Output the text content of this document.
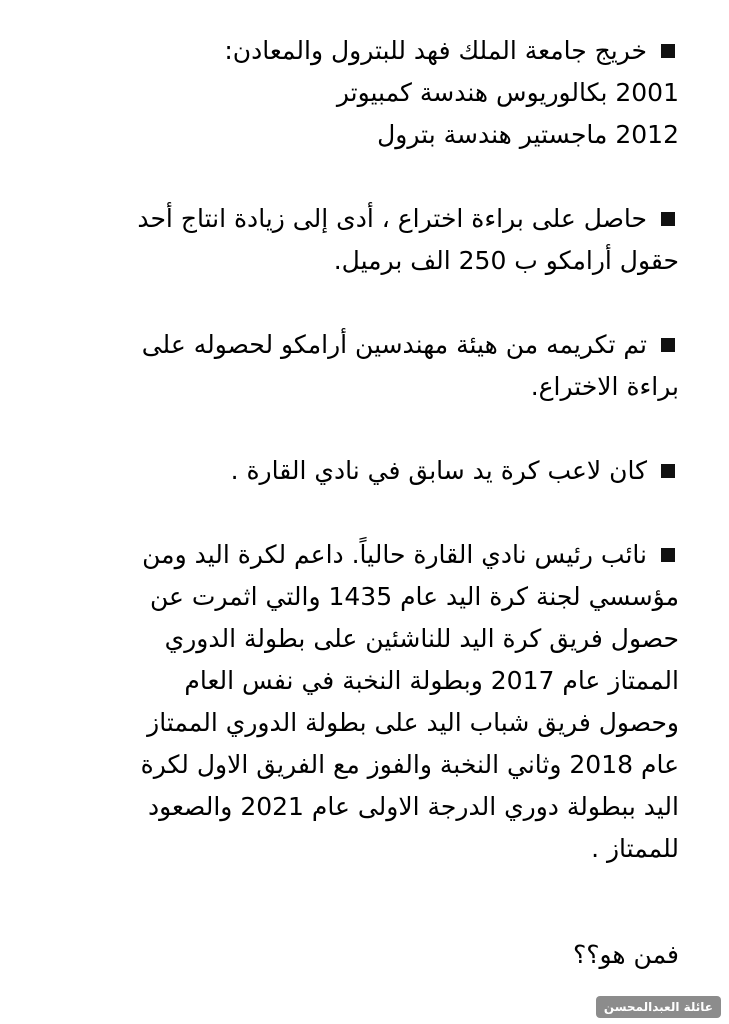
خريج جامعة الملك فهد للبترول والمعادن:
2001 بكالوريوس هندسة كمبيوتر
2012 ماجستير هندسة بترول
حاصل على براءة اختراع ، أدى إلى زيادة انتاج أحد
حقول أرامكو ب 250 الف برميل.
تم تكريمه من هيئة مهندسين أرامكو لحصوله على
براءة الاختراع.
كان لاعب كرة يد سابق في نادي القارة .
نائب رئيس نادي القارة حالياً. داعم لكرة اليد ومن
مؤسسي لجنة كرة اليد عام 1435 والتي اثمرت عن
حصول فريق كرة اليد للناشئين على بطولة الدوري
الممتاز عام 2017 وبطولة النخبة في نفس العام
وحصول فريق شباب اليد على بطولة الدوري الممتاز
عام 2018 وثاني النخبة والفوز مع الفريق الاول لكرة
اليد ببطولة دوري الدرجة الاولى عام 2021 والصعود
للممتاز .
فمن هو؟؟
عائلة العبدالمحسن
